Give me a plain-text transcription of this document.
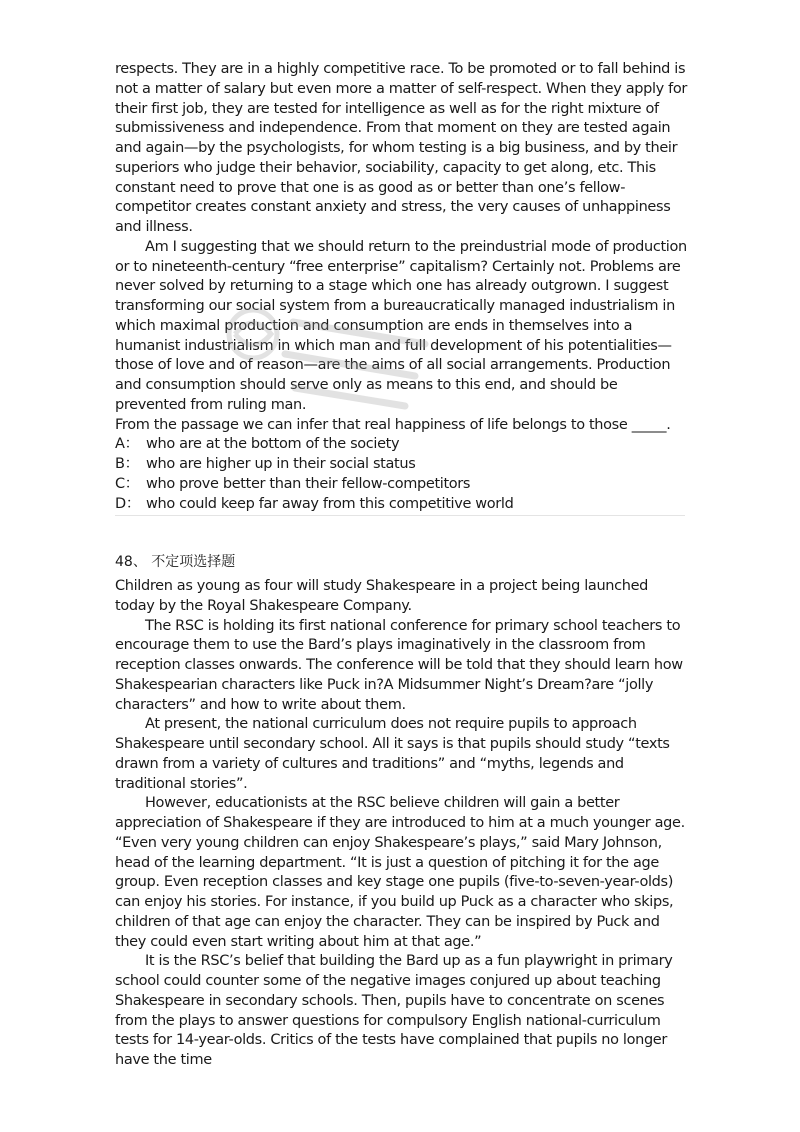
respects. They are in a highly competitive race. To be promoted or to fall behind is not a matter of salary but even more a matter of self-respect. When they apply for their first job, they are tested for intelligence as well as for the right mixture of submissiveness and independence. From that moment on they are tested again and again—by the psychologists, for whom testing is a big business, and by their superiors who judge their behavior, sociability, capacity to get along, etc. This constant need to prove that one is as good as or better than one’s fellow-competitor creates constant anxiety and stress, the very causes of unhappiness and illness.

Am I suggesting that we should return to the preindustrial mode of production or to nineteenth-century “free enterprise” capitalism? Certainly not. Problems are never solved by returning to a stage which one has already outgrown. I suggest transforming our social system from a bureaucratically managed industrialism in which maximal production and consumption are ends in themselves into a humanist industrialism in which man and full development of his potentialities—those of love and of reason—are the aims of all social arrangements. Production and consumption should serve only as means to this end, and should be prevented from ruling man.

From the passage we can infer that real happiness of life belongs to those _____.

A： who are at the bottom of the society

B： who are higher up in their social status

C： who prove better than their fellow-competitors

D： who could keep far away from this competitive world

48、 不定项选择题

Children as young as four will study Shakespeare in a project being launched today by the Royal Shakespeare Company.

The RSC is holding its first national conference for primary school teachers to encourage them to use the Bard’s plays imaginatively in the classroom from reception classes onwards. The conference will be told that they should learn how Shakespearian characters like Puck in?A Midsummer Night’s Dream?are “jolly characters” and how to write about them.

At present, the national curriculum does not require pupils to approach Shakespeare until secondary school. All it says is that pupils should study “texts drawn from a variety of cultures and traditions” and “myths, legends and traditional stories”.

However, educationists at the RSC believe children will gain a better appreciation of Shakespeare if they are introduced to him at a much younger age. “Even very young children can enjoy Shakespeare’s plays,” said Mary Johnson, head of the learning department. “It is just a question of pitching it for the age group. Even reception classes and key stage one pupils (five-to-seven-year-olds) can enjoy his stories. For instance, if you build up Puck as a character who skips, children of that age can enjoy the character. They can be inspired by Puck and they could even start writing about him at that age.”

It is the RSC’s belief that building the Bard up as a fun playwright in primary school could counter some of the negative images conjured up about teaching Shakespeare in secondary schools. Then, pupils have to concentrate on scenes from the plays to answer questions for compulsory English national-curriculum tests for 14-year-olds. Critics of the tests have complained that pupils no longer have the time
